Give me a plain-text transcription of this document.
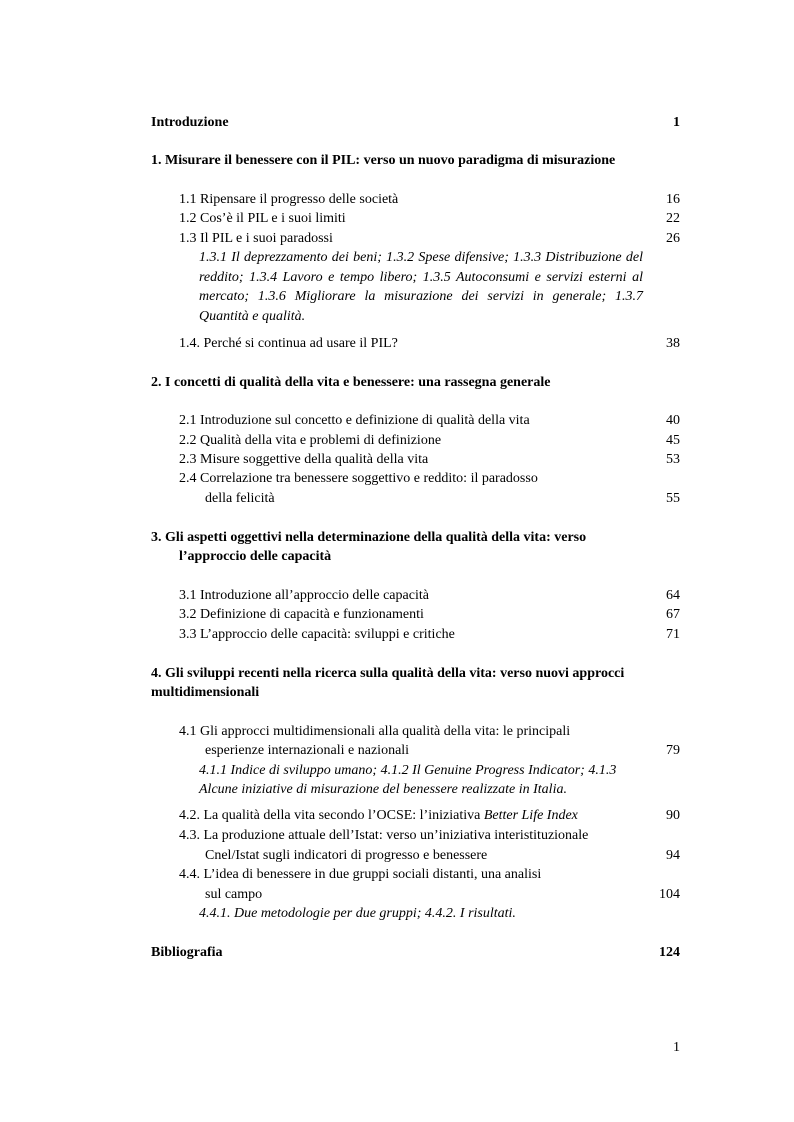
Introduzione	1
1. Misurare il benessere con il PIL: verso un nuovo paradigma di misurazione
1.1 Ripensare il progresso delle società	16
1.2 Cos’è il PIL e i suoi limiti	22
1.3 Il PIL e i suoi paradossi	26
1.3.1 Il deprezzamento dei beni; 1.3.2 Spese difensive; 1.3.3 Distribuzione del reddito; 1.3.4 Lavoro e tempo libero; 1.3.5 Autoconsumi e servizi esterni al mercato; 1.3.6 Migliorare la misurazione dei servizi in generale; 1.3.7 Quantità e qualità.
1.4. Perché si continua ad usare il PIL?	38
2. I concetti di qualità della vita e benessere: una rassegna generale
2.1 Introduzione sul concetto e definizione di qualità della vita	40
2.2 Qualità della vita e problemi di definizione	45
2.3 Misure soggettive della qualità della vita	53
2.4 Correlazione tra benessere soggettivo e reddito: il paradosso
della felicità	55
3. Gli aspetti oggettivi nella determinazione della qualità della vita: verso
l’approccio delle capacità
3.1 Introduzione all’approccio delle capacità	64
3.2 Definizione di capacità e funzionamenti	67
3.3 L’approccio delle capacità: sviluppi e critiche	71
4. Gli sviluppi recenti nella ricerca sulla qualità della vita: verso nuovi approcci
multidimensionali
4.1 Gli approcci multidimensionali alla qualità della vita: le principali
esperienze internazionali e nazionali	79
4.1.1 Indice di sviluppo umano; 4.1.2 Il Genuine Progress Indicator; 4.1.3
Alcune iniziative di misurazione del benessere realizzate in Italia.
4.2. La qualità della vita secondo l’OCSE: l’iniziativa Better Life Index	90
4.3. La produzione attuale dell’Istat: verso un’iniziativa interistituzionale
Cnel/Istat sugli indicatori di progresso e benessere	94
4.4. L’idea di benessere in due gruppi sociali distanti, una analisi
sul campo	104
4.4.1. Due metodologie per due gruppi; 4.4.2. I risultati.
Bibliografia	124
1
